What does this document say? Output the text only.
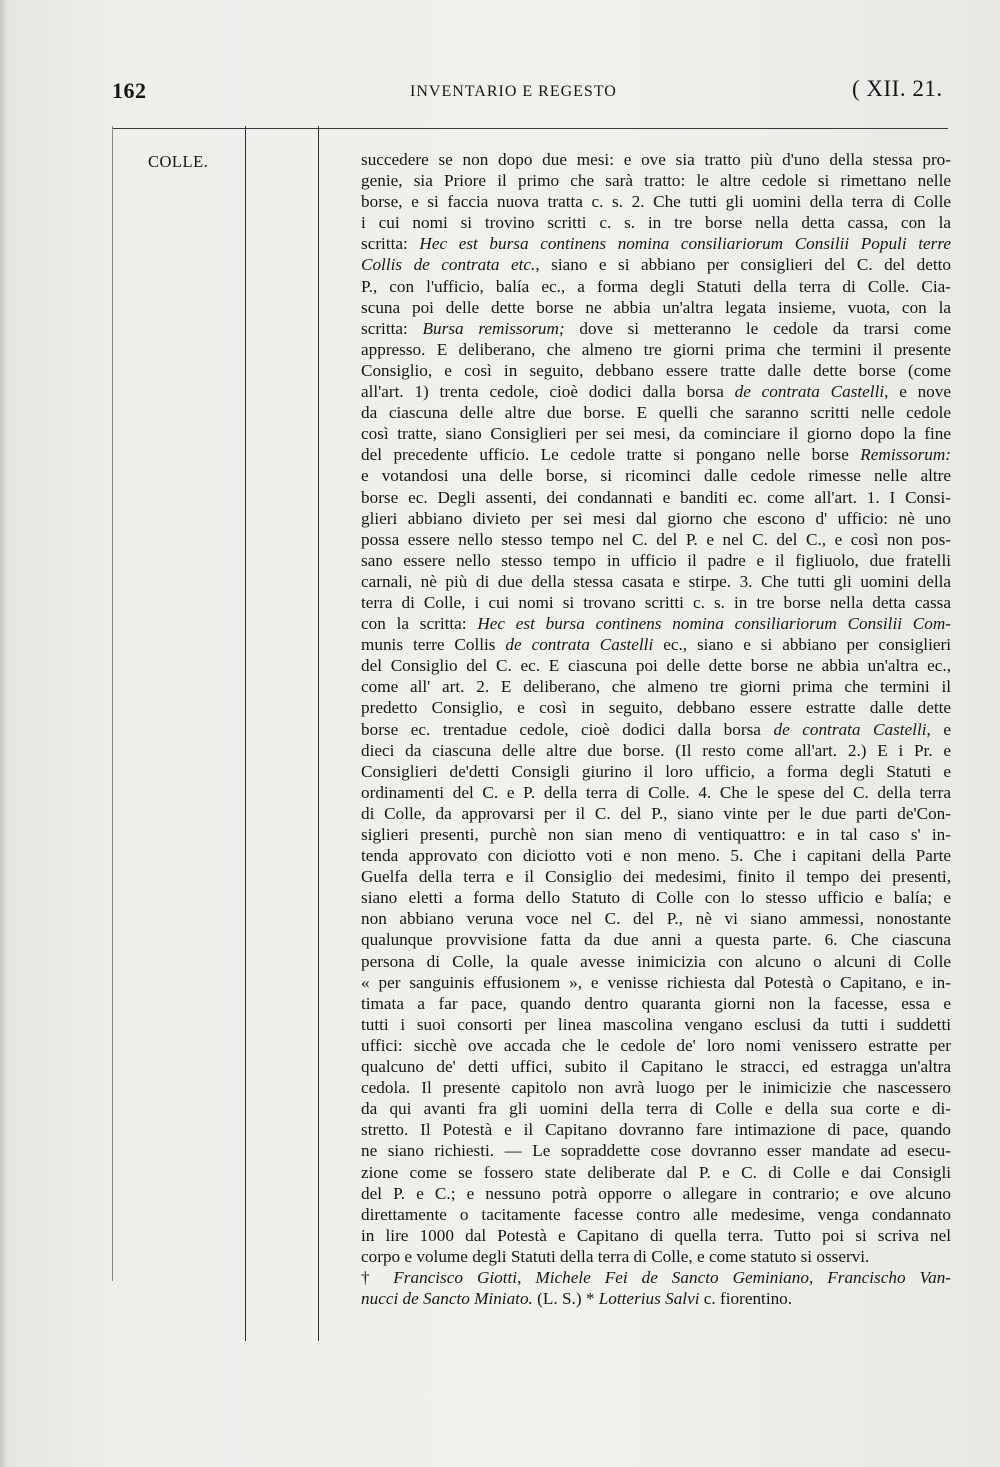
162	INVENTARIO E REGESTO	( XII. 21.
COLLE.	succedere se non dopo due mesi: e ove sia tratto più d'uno della stessa pro-
genie, sia Priore il primo che sarà tratto: le altre cedole si rimettano nelle
borse, e si faccia nuova tratta c. s. 2. Che tutti gli uomini della terra di Colle
i cui nomi si trovino scritti c. s. in tre borse nella detta cassa, con la
scritta: Hec est bursa continens nomina consiliariorum Consilii Populi terre
Collis de contrata etc., siano e si abbiano per consiglieri del C. del detto
P., con l'ufficio, balía ec., a forma degli Statuti della terra di Colle. Cia-
scuna poi delle dette borse ne abbia un'altra legata insieme, vuota, con la
scritta: Bursa remissorum; dove si metteranno le cedole da trarsi come
appresso. E deliberano, che almeno tre giorni prima che termini il presente
Consiglio, e così in seguito, debbano essere tratte dalle dette borse (come
all'art. 1) trenta cedole, cioè dodici dalla borsa de contrata Castelli, e nove
da ciascuna delle altre due borse. E quelli che saranno scritti nelle cedole
così tratte, siano Consiglieri per sei mesi, da cominciare il giorno dopo la fine
del precedente ufficio. Le cedole tratte si pongano nelle borse Remissorum:
e votandosi una delle borse, si ricominci dalle cedole rimesse nelle altre
borse ec. Degli assenti, dei condannati e banditi ec. come all'art. 1. I Consi-
glieri abbiano divieto per sei mesi dal giorno che escono d' ufficio: nè uno
possa essere nello stesso tempo nel C. del P. e nel C. del C., e così non pos-
sano essere nello stesso tempo in ufficio il padre e il figliuolo, due fratelli
carnali, nè più di due della stessa casata e stirpe. 3. Che tutti gli uomini della
terra di Colle, i cui nomi si trovano scritti c. s. in tre borse nella detta cassa
con la scritta: Hec est bursa continens nomina consiliariorum Consilii Com-
munis terre Collis de contrata Castelli ec., siano e si abbiano per consiglieri
del Consiglio del C. ec. E ciascuna poi delle dette borse ne abbia un'altra ec.,
come all' art. 2. E deliberano, che almeno tre giorni prima che termini il
predetto Consiglio, e così in seguito, debbano essere estratte dalle dette
borse ec. trentadue cedole, cioè dodici dalla borsa de contrata Castelli, e
dieci da ciascuna delle altre due borse. (Il resto come all'art. 2.) E i Pr. e
Consiglieri de'detti Consigli giurino il loro ufficio, a forma degli Statuti e
ordinamenti del C. e P. della terra di Colle. 4. Che le spese del C. della terra
di Colle, da approvarsi per il C. del P., siano vinte per le due parti de'Con-
siglieri presenti, purchè non sian meno di ventiquattro: e in tal caso s' in-
tenda approvato con diciotto voti e non meno. 5. Che i capitani della Parte
Guelfa della terra e il Consiglio dei medesimi, finito il tempo dei presenti,
siano eletti a forma dello Statuto di Colle con lo stesso ufficio e balía; e
non abbiano veruna voce nel C. del P., nè vi siano ammessi, nonostante
qualunque provvisione fatta da due anni a questa parte. 6. Che ciascuna
persona di Colle, la quale avesse inimicizia con alcuno o alcuni di Colle
« per sanguinis effusionem », e venisse richiesta dal Potestà o Capitano, e in-
timata a far pace, quando dentro quaranta giorni non la facesse, essa e
tutti i suoi consorti per linea mascolina vengano esclusi da tutti i suddetti
uffici: sicchè ove accada che le cedole de' loro nomi venissero estratte per
qualcuno de' detti uffici, subito il Capitano le stracci, ed estragga un'altra
cedola. Il presente capitolo non avrà luogo per le inimicizie che nascessero
da qui avanti fra gli uomini della terra di Colle e della sua corte e di-
stretto. Il Potestà e il Capitano dovranno fare intimazione di pace, quando
ne siano richiesti. — Le sopraddette cose dovranno esser mandate ad esecu-
zione come se fossero state deliberate dal P. e C. di Colle e dai Consigli
del P. e C.; e nessuno potrà opporre o allegare in contrario; e ove alcuno
direttamente o tacitamente facesse contro alle medesime, venga condannato
in lire 1000 dal Potestà e Capitano di quella terra. Tutto poi si scriva nel
corpo e volume degli Statuti della terra di Colle, e come statuto si osservi.
† Francisco Giotti, Michele Fei de Sancto Geminiano, Francischo Van-
nucci de Sancto Miniato. (L. S.) * Lotterius Salvi c. fiorentino.
